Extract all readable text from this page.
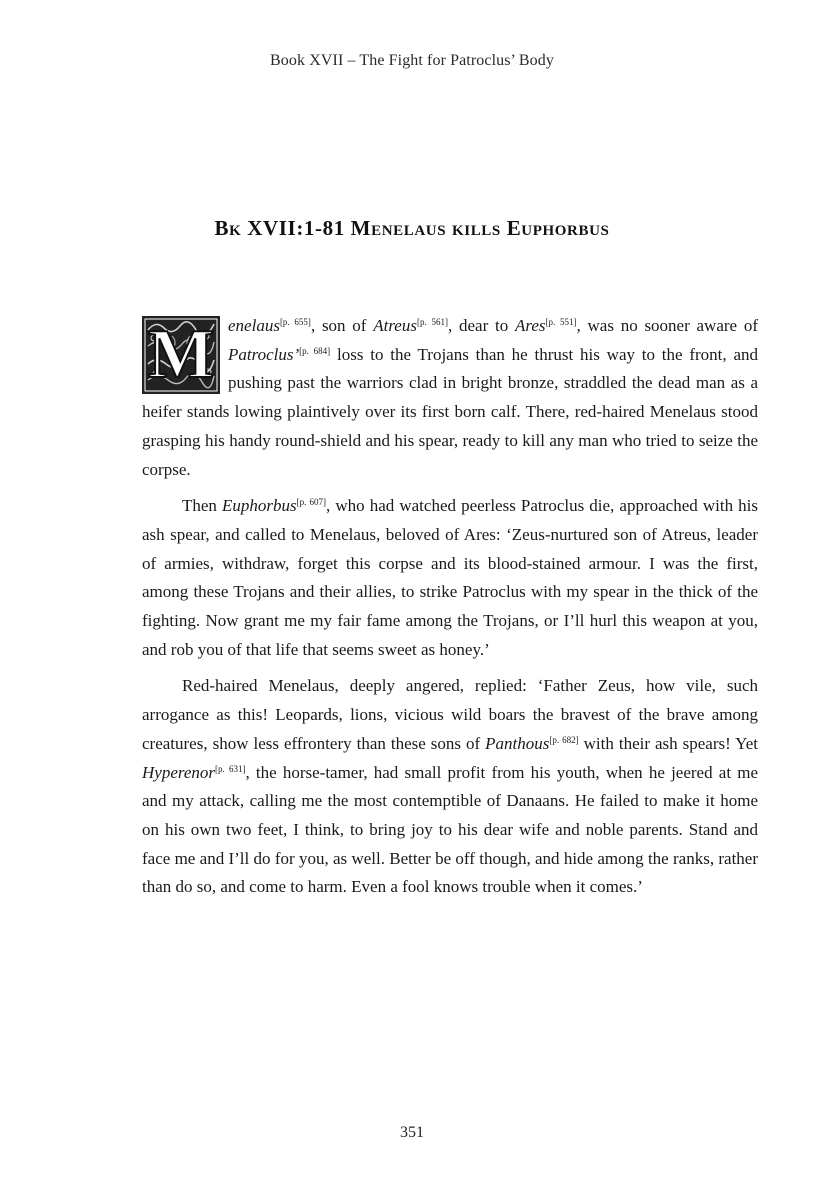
Book XVII – The Fight for Patroclus’ Body
Bk XVII:1-81 Menelaus kills Euphorbus

M enelaus[p. 655], son of Atreus[p. 561], dear to Ares[p. 551], was no sooner aware of Patroclus’[p. 684] loss to the Trojans than he thrust his way to the front, and pushing past the warriors clad in bright bronze, straddled the dead man as a heifer stands lowing plaintively over its first born calf. There, red-haired Menelaus stood grasping his handy round-shield and his spear, ready to kill any man who tried to seize the corpse.

Then Euphorbus[p. 607], who had watched peerless Patroclus die, approached with his ash spear, and called to Menelaus, beloved of Ares: ‘Zeus-nurtured son of Atreus, leader of armies, withdraw, forget this corpse and its blood-stained armour. I was the first, among these Trojans and their allies, to strike Patroclus with my spear in the thick of the fighting. Now grant me my fair fame among the Trojans, or I’ll hurl this weapon at you, and rob you of that life that seems sweet as honey.’

Red-haired Menelaus, deeply angered, replied: ‘Father Zeus, how vile, such arrogance as this! Leopards, lions, vicious wild boars the bravest of the brave among creatures, show less effrontery than these sons of Panthous[p. 682] with their ash spears! Yet Hyperenor[p. 631], the horse-tamer, had small profit from his youth, when he jeered at me and my attack, calling me the most contemptible of Danaans. He failed to make it home on his own two feet, I think, to bring joy to his dear wife and noble parents. Stand and face me and I’ll do for you, as well. Better be off though, and hide among the ranks, rather than do so, and come to harm. Even a fool knows trouble when it comes.’

351
